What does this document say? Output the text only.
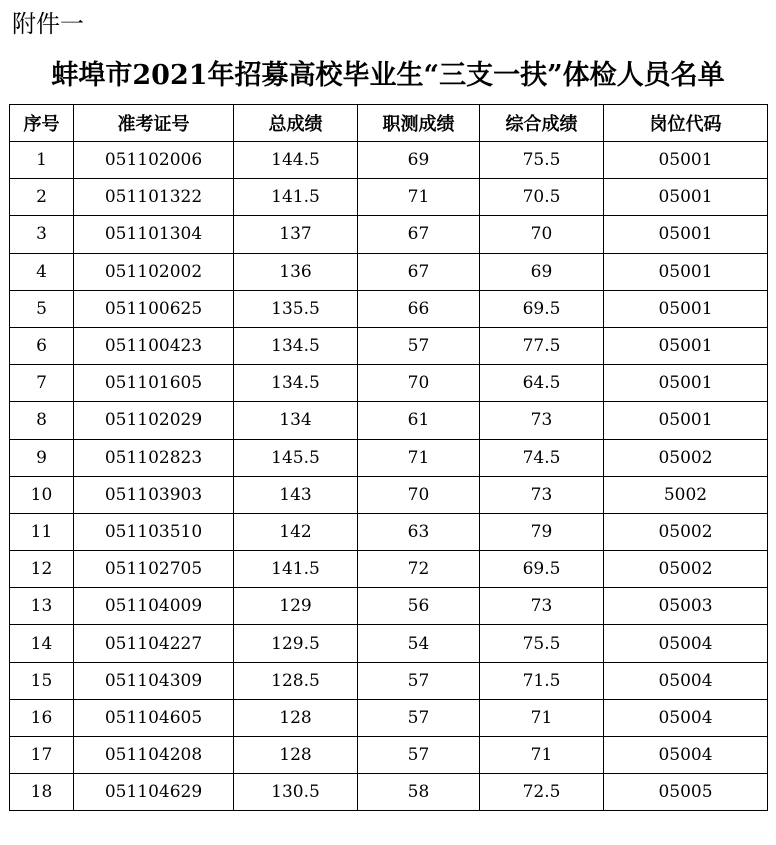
附件一
蚌埠市2021年招募高校毕业生“三支一扶”体检人员名单
序号	准考证号	总成绩	职测成绩	综合成绩	岗位代码
1	051102006	144.5	69	75.5	05001
2	051101322	141.5	71	70.5	05001
3	051101304	137	67	70	05001
4	051102002	136	67	69	05001
5	051100625	135.5	66	69.5	05001
6	051100423	134.5	57	77.5	05001
7	051101605	134.5	70	64.5	05001
8	051102029	134	61	73	05001
9	051102823	145.5	71	74.5	05002
10	051103903	143	70	73	5002
11	051103510	142	63	79	05002
12	051102705	141.5	72	69.5	05002
13	051104009	129	56	73	05003
14	051104227	129.5	54	75.5	05004
15	051104309	128.5	57	71.5	05004
16	051104605	128	57	71	05004
17	051104208	128	57	71	05004
18	051104629	130.5	58	72.5	05005
